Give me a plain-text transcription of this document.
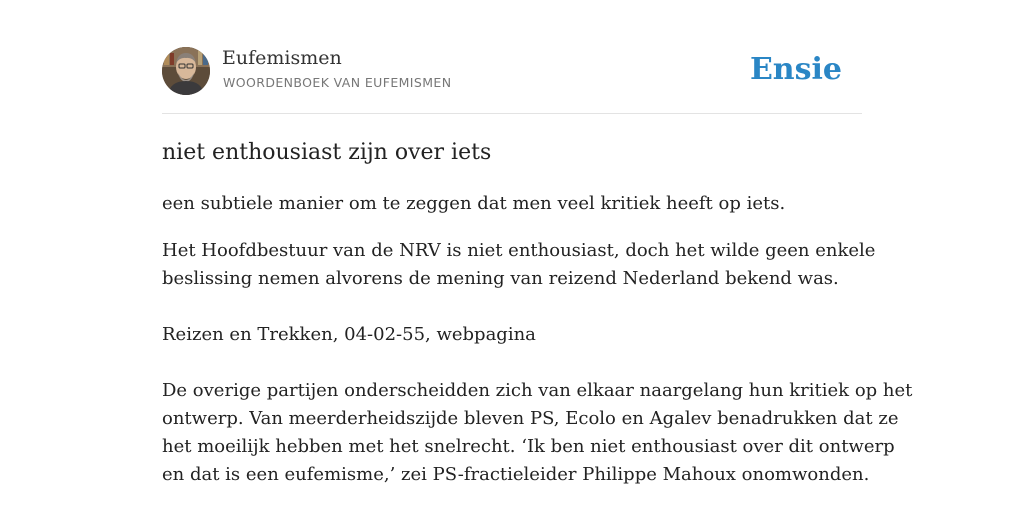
Eufemismen
WOORDENBOEK VAN EUFEMISMEN	Ensie
niet enthousiast zijn over iets
een subtiele manier om te zeggen dat men veel kritiek heeft op iets.
Het Hoofdbestuur van de NRV is niet enthousiast, doch het wilde geen enkele
beslissing nemen alvorens de mening van reizend Nederland bekend was.
Reizen en Trekken, 04-02-55, webpagina
De overige partijen onderscheidden zich van elkaar naargelang hun kritiek op het
ontwerp. Van meerderheidszijde bleven PS, Ecolo en Agalev benadrukken dat ze
het moeilijk hebben met het snelrecht. ‘Ik ben niet enthousiast over dit ontwerp
en dat is een eufemisme,’ zei PS-fractieleider Philippe Mahoux onomwonden.
